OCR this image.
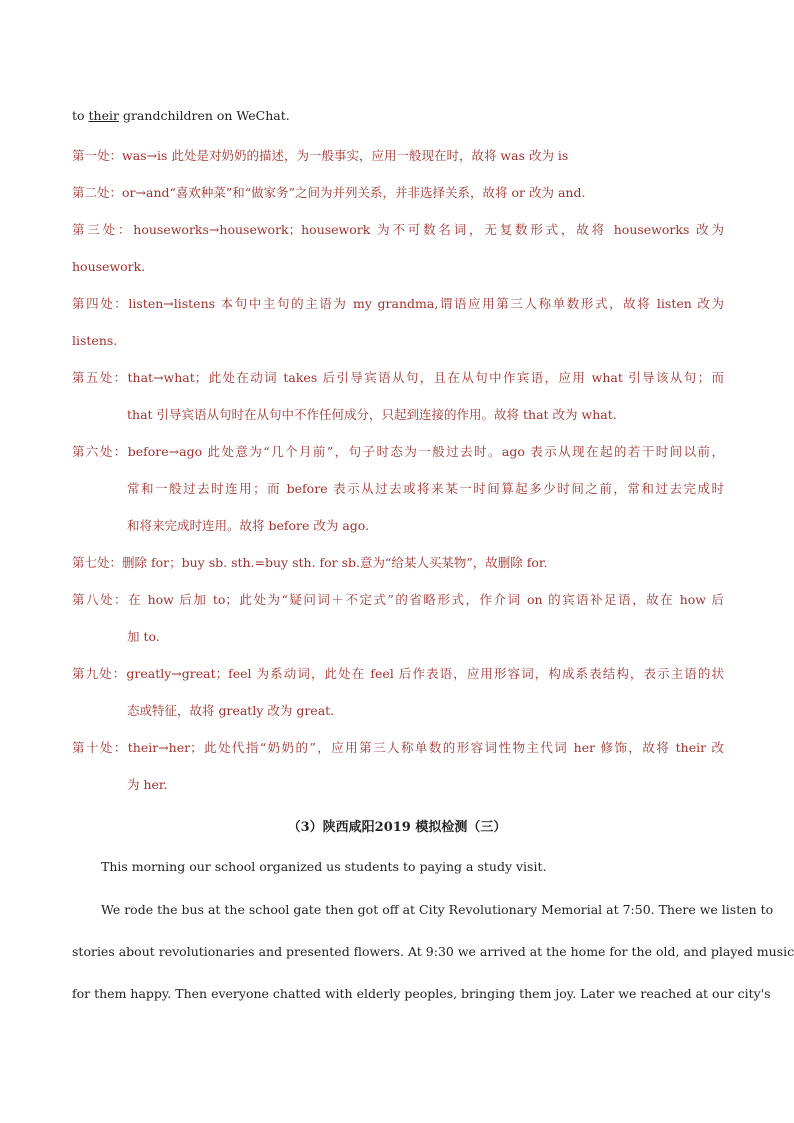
to their grandchildren on WeChat.
第一处：was→is 此处是对奶奶的描述，为一般事实，应用一般现在时，故将 was 改为 is
第二处：or→and“喜欢种菜”和“做家务”之间为并列关系，并非选择关系，故将 or 改为 and.
第三处：houseworks→housework；housework 为不可数名词，无复数形式，故将 houseworks 改为
housework.
第四处：listen→listens 本句中主句的主语为 my grandma,谓语应用第三人称单数形式，故将 listen 改为
listens.
第五处：that→what；此处在动词 takes 后引导宾语从句，且在从句中作宾语，应用 what 引导该从句；而
that 引导宾语从句时在从句中不作任何成分，只起到连接的作用。故将 that 改为 what.
第六处：before→ago 此处意为“几个月前”，句子时态为一般过去时。ago 表示从现在起的若干时间以前，
常和一般过去时连用；而 before 表示从过去或将来某一时间算起多少时间之前，常和过去完成时
和将来完成时连用。故将 before 改为 ago.
第七处：删除 for；buy sb. sth.=buy sth. for sb.意为“给某人买某物”，故删除 for.
第八处：在 how 后加 to；此处为“疑问词＋不定式”的省略形式，作介词 on 的宾语补足语，故在 how 后
加 to.
第九处：greatly→great；feel 为系动词，此处在 feel 后作表语，应用形容词，构成系表结构，表示主语的状
态或特征，故将 greatly 改为 great.
第十处：their→her；此处代指“奶奶的”，应用第三人称单数的形容词性物主代词 her 修饰，故将 their 改
为 her.
（3）陕西咸阳2019 模拟检测（三）
This morning our school organized us students to paying a study visit.
We rode the bus at the school gate then got off at City Revolutionary Memorial at 7:50. There we listen to
stories about revolutionaries and presented flowers. At 9:30 we arrived at the home for the old, and played music
for them happy. Then everyone chatted with elderly peoples, bringing them joy. Later we reached at our city's
